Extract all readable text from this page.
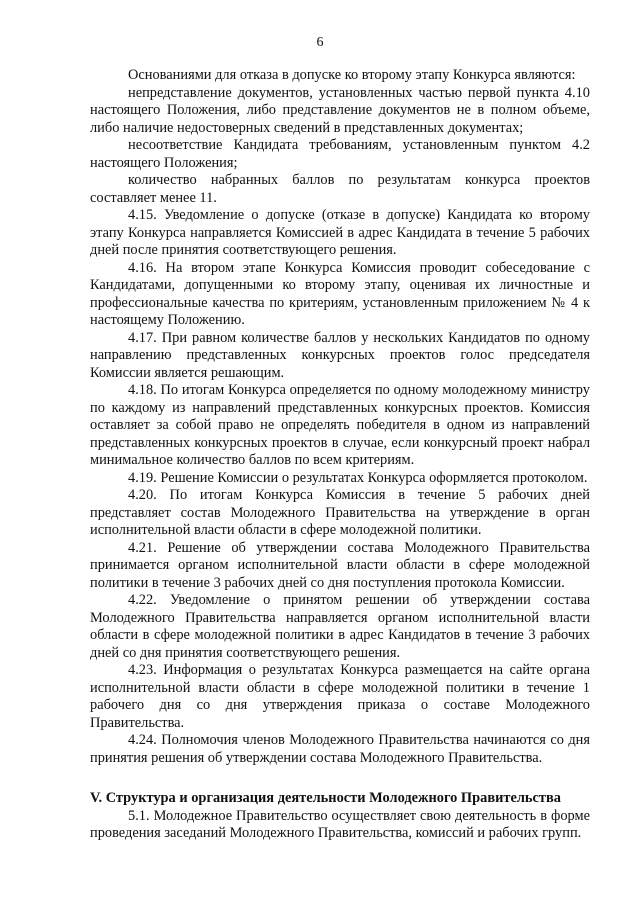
6

Основаниями для отказа в допуске ко второму этапу Конкурса являются:

непредставление документов, установленных частью первой пункта 4.10 настоящего Положения, либо представление документов не в полном объеме, либо наличие недостоверных сведений в представленных документах;

несоответствие Кандидата требованиям, установленным пунктом 4.2 настоящего Положения;

количество набранных баллов по результатам конкурса проектов составляет менее 11.

4.15. Уведомление о допуске (отказе в допуске) Кандидата ко второму этапу Конкурса направляется Комиссией в адрес Кандидата в течение 5 рабочих дней после принятия соответствующего решения.

4.16. На втором этапе Конкурса Комиссия проводит собеседование с Кандидатами, допущенными ко второму этапу, оценивая их личностные и профессиональные качества по критериям, установленным приложением № 4 к настоящему Положению.

4.17. При равном количестве баллов у нескольких Кандидатов по одному направлению представленных конкурсных проектов голос председателя Комиссии является решающим.

4.18. По итогам Конкурса определяется по одному молодежному министру по каждому из направлений представленных конкурсных проектов. Комиссия оставляет за собой право не определять победителя в одном из направлений представленных конкурсных проектов в случае, если конкурсный проект набрал минимальное количество баллов по всем критериям.

4.19. Решение Комиссии о результатах Конкурса оформляется протоколом.

4.20. По итогам Конкурса Комиссия в течение 5 рабочих дней представляет состав Молодежного Правительства на утверждение в орган исполнительной власти области в сфере молодежной политики.

4.21. Решение об утверждении состава Молодежного Правительства принимается органом исполнительной власти области в сфере молодежной политики в течение 3 рабочих дней со дня поступления протокола Комиссии.

4.22. Уведомление о принятом решении об утверждении состава Молодежного Правительства направляется органом исполнительной власти области в сфере молодежной политики в адрес Кандидатов в течение 3 рабочих дней со дня принятия соответствующего решения.

4.23. Информация о результатах Конкурса размещается на сайте органа исполнительной власти области в сфере молодежной политики в течение 1 рабочего дня со дня утверждения приказа о составе Молодежного Правительства.

4.24. Полномочия членов Молодежного Правительства начинаются со дня принятия решения об утверждении состава Молодежного Правительства.

V. Структура и организация деятельности Молодежного Правительства

5.1. Молодежное Правительство осуществляет свою деятельность в форме проведения заседаний Молодежного Правительства, комиссий и рабочих групп.
